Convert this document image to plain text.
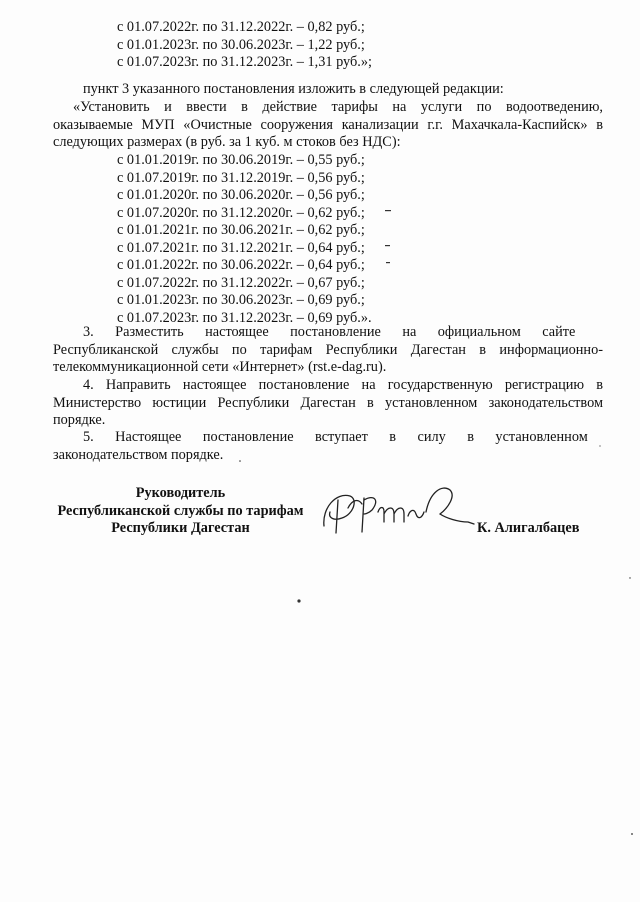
с 01.07.2022г. по 31.12.2022г. – 0,82 руб.;
с 01.01.2023г. по 30.06.2023г. – 1,22 руб.;
с 01.07.2023г. по 31.12.2023г. – 1,31 руб.»;
пункт 3 указанного постановления изложить в следующей редакции:
«Установить и ввести в действие тарифы на услуги по водоотведению,
оказываемые МУП «Очистные сооружения канализации г.г. Махачкала-Каспийск» в
следующих размерах (в руб. за 1 куб. м стоков без НДС):
с 01.01.2019г. по 30.06.2019г. – 0,55 руб.;
с 01.07.2019г. по 31.12.2019г. – 0,56 руб.;
с 01.01.2020г. по 30.06.2020г. – 0,56 руб.;
с 01.07.2020г. по 31.12.2020г. – 0,62 руб.;
с 01.01.2021г. по 30.06.2021г. – 0,62 руб.;
с 01.07.2021г. по 31.12.2021г. – 0,64 руб.;
с 01.01.2022г. по 30.06.2022г. – 0,64 руб.;
с 01.07.2022г. по 31.12.2022г. – 0,67 руб.;
с 01.01.2023г. по 30.06.2023г. – 0,69 руб.;
с 01.07.2023г. по 31.12.2023г. – 0,69 руб.».
3.      Разместить      настоящее      постановление      на      официальном      сайте
Республиканской службы по тарифам Республики Дагестан в информационно-
телекоммуникационной сети «Интернет» (rst.e-dag.ru).
4. Направить настоящее постановление на государственную регистрацию в
Министерство юстиции Республики Дагестан в установленном законодательством
порядке.
5.      Настоящее      постановление      вступает      в      силу      в      установленном
законодательством порядке.
Руководитель
Республиканской службы по тарифам
Республики Дагестан	К. Алигалбацев
